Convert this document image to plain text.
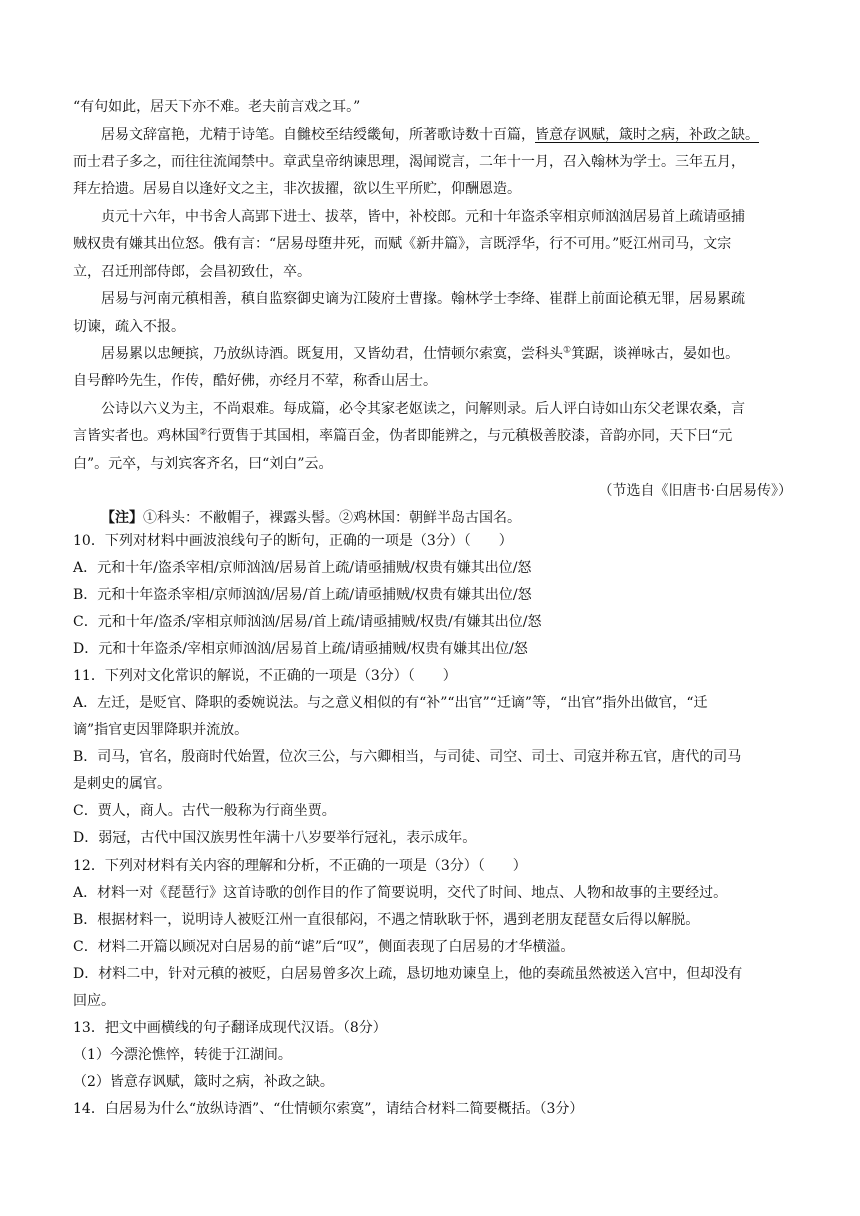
“有句如此，居天下亦不难。老夫前言戏之耳。”
居易文辞富艳，尤精于诗笔。自雠校至结绶畿甸，所著歌诗数十百篇，皆意存讽赋，箴时之病，补政之缺。
而士君子多之，而往往流闻禁中。章武皇帝纳谏思理，渴闻谠言，二年十一月，召入翰林为学士。三年五月，
拜左拾遗。居易自以逢好文之主，非次拔擢，欲以生平所贮，仰酬恩造。
贞元十六年，中书舍人高郢下进士、拔萃，皆中，补校郎。元和十年盗杀宰相京师汹汹居易首上疏请亟捕
贼权贵有嫌其出位怒。俄有言：“居易母堕井死，而赋《新井篇》，言既浮华，行不可用。”贬江州司马，文宗
立，召迁刑部侍郎，会昌初致仕，卒。
居易与河南元稹相善，稹自监察御史谪为江陵府士曹掾。翰林学士李绛、崔群上前面论稹无罪，居易累疏
切谏，疏入不报。
居易累以忠鲠摈，乃放纵诗酒。既复用，又皆幼君，仕情顿尔索寞，尝科头①箕踞，谈禅咏古，晏如也。
自号醉吟先生，作传，酷好佛，亦经月不荤，称香山居士。
公诗以六义为主，不尚艰难。每成篇，必令其家老妪读之，问解则录。后人评白诗如山东父老课农桑，言
言皆实者也。鸡林国②行贾售于其国相，率篇百金，伪者即能辨之，与元稹极善胶漆，音韵亦同，天下曰“元
白”。元卒，与刘宾客齐名，曰“刘白”云。
（节选自《旧唐书·白居易传》）
【注】①科头：不敝帽子，裸露头髻。②鸡林国：朝鲜半岛古国名。
10．下列对材料中画波浪线句子的断句，正确的一项是（3分）（　　）
A．元和十年/盗杀宰相/京师汹汹/居易首上疏/请亟捕贼/权贵有嫌其出位/怒
B．元和十年盗杀宰相/京师汹汹/居易/首上疏/请亟捕贼/权贵有嫌其出位/怒
C．元和十年/盗杀/宰相京师汹汹/居易/首上疏/请亟捕贼/权贵/有嫌其出位/怒
D．元和十年盗杀/宰相京师汹汹/居易首上疏/请亟捕贼/权贵有嫌其出位/怒
11．下列对文化常识的解说，不正确的一项是（3分）（　　）
A．左迁，是贬官、降职的委婉说法。与之意义相似的有“补”“出官”“迁谪”等，“出官”指外出做官，“迁
谪”指官吏因罪降职并流放。
B．司马，官名，殷商时代始置，位次三公，与六卿相当，与司徒、司空、司士、司寇并称五官，唐代的司马
是刺史的属官。
C．贾人，商人。古代一般称为行商坐贾。
D．弱冠，古代中国汉族男性年满十八岁要举行冠礼，表示成年。
12．下列对材料有关内容的理解和分析，不正确的一项是（3分）（　　）
A．材料一对《琵琶行》这首诗歌的创作目的作了简要说明，交代了时间、地点、人物和故事的主要经过。
B．根据材料一，说明诗人被贬江州一直很郁闷，不遇之情耿耿于怀，遇到老朋友琵琶女后得以解脱。
C．材料二开篇以顾况对白居易的前“谑”后“叹”，侧面表现了白居易的才华横溢。
D．材料二中，针对元稹的被贬，白居易曾多次上疏，恳切地劝谏皇上，他的奏疏虽然被送入宫中，但却没有
回应。
13．把文中画横线的句子翻译成现代汉语。（8分）
（1）今漂沦憔悴，转徙于江湖间。
（2）皆意存讽赋，箴时之病，补政之缺。
14．白居易为什么“放纵诗酒”、“仕情顿尔索寞”，请结合材料二简要概括。（3分）
